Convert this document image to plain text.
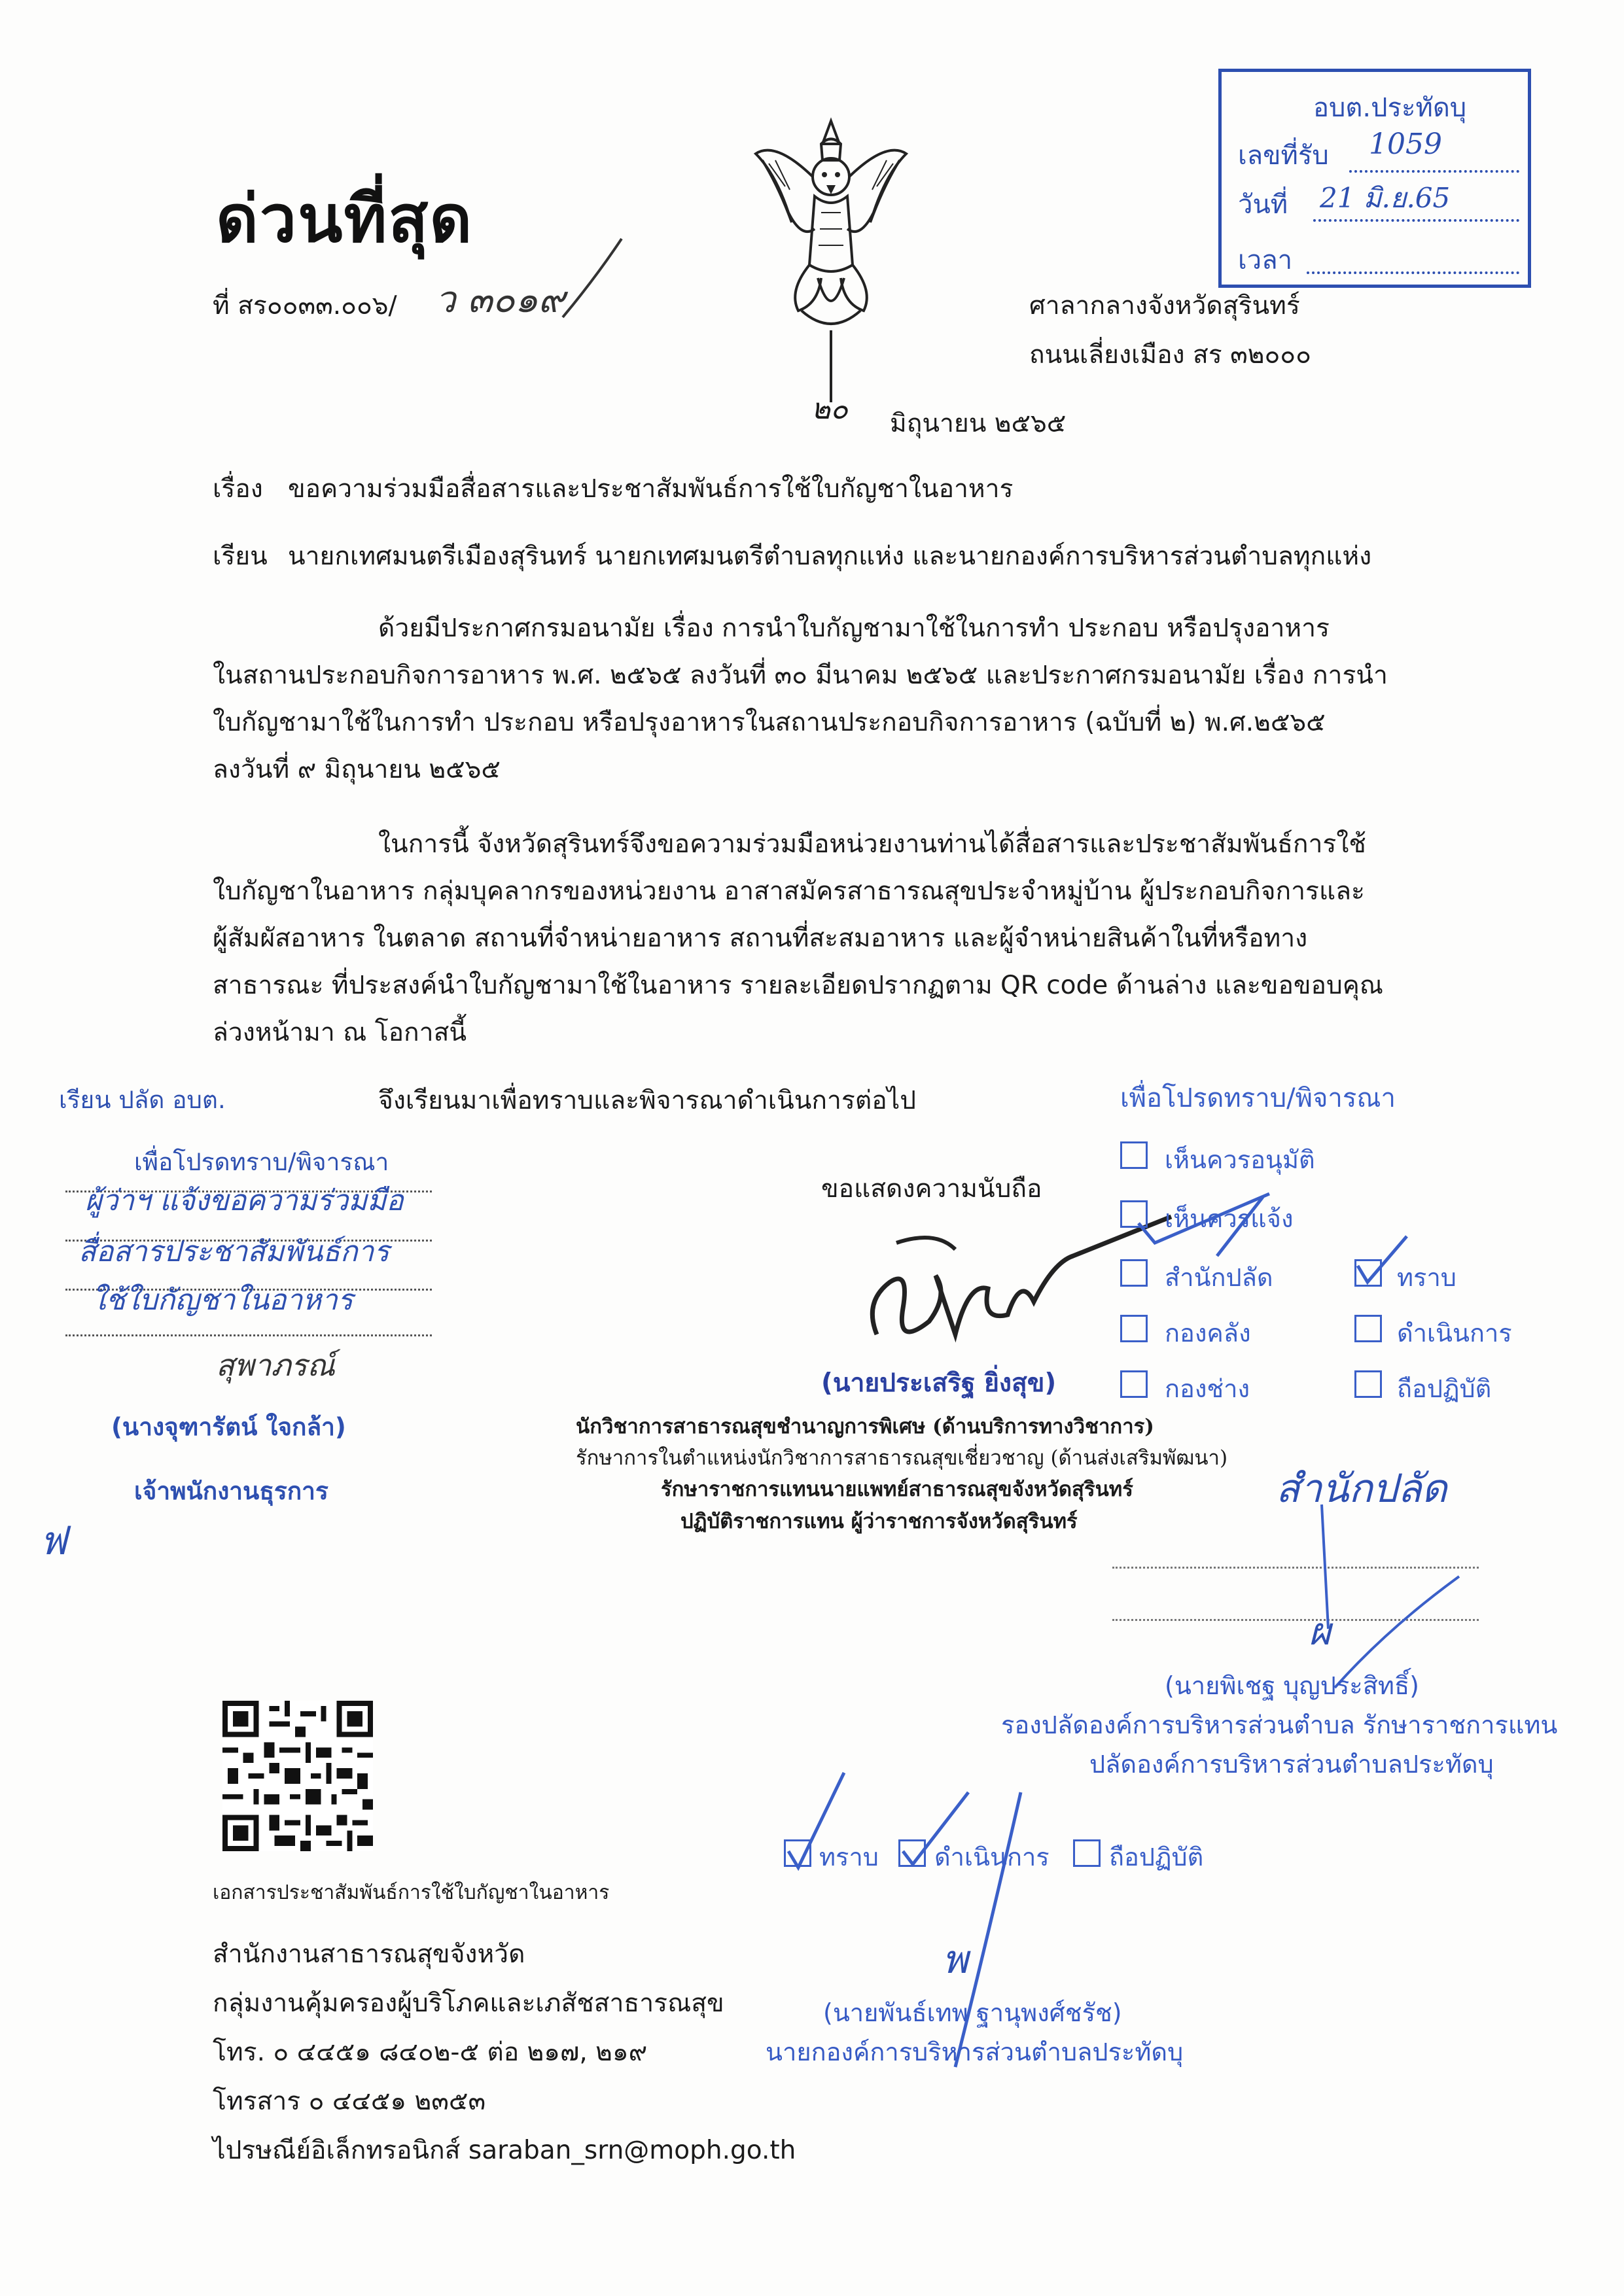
ด่วนที่สุด
อบต.ประทัดบุ
เลขที่รับ 1059
วันที่ 21 มิ.ย.65
เวลา
ที่ สร๐๐๓๓.๐๐๖/ ว ๓๐๑๙	ศาลากลางจังหวัดสุรินทร์
ถนนเลี่ยงเมือง สร ๓๒๐๐๐
๒๐ มิถุนายน ๒๕๖๕
เรื่อง ขอความร่วมมือสื่อสารและประชาสัมพันธ์การใช้ใบกัญชาในอาหาร
เรียน นายกเทศมนตรีเมืองสุรินทร์ นายกเทศมนตรีตำบลทุกแห่ง และนายกองค์การบริหารส่วนตำบลทุกแห่ง
ด้วยมีประกาศกรมอนามัย เรื่อง การนำใบกัญชามาใช้ในการทำ ประกอบ หรือปรุงอาหาร
ในสถานประกอบกิจการอาหาร พ.ศ. ๒๕๖๕ ลงวันที่ ๓๐ มีนาคม ๒๕๖๕ และประกาศกรมอนามัย เรื่อง การนำ
ใบกัญชามาใช้ในการทำ ประกอบ หรือปรุงอาหารในสถานประกอบกิจการอาหาร (ฉบับที่ ๒) พ.ศ.๒๕๖๕
ลงวันที่ ๙ มิถุนายน ๒๕๖๕
ในการนี้ จังหวัดสุรินทร์จึงขอความร่วมมือหน่วยงานท่านได้สื่อสารและประชาสัมพันธ์การใช้
ใบกัญชาในอาหาร กลุ่มบุคลากรของหน่วยงาน อาสาสมัครสาธารณสุขประจำหมู่บ้าน ผู้ประกอบกิจการและ
ผู้สัมผัสอาหาร ในตลาด สถานที่จำหน่ายอาหาร สถานที่สะสมอาหาร และผู้จำหน่ายสินค้าในที่หรือทาง
สาธารณะ ที่ประสงค์นำใบกัญชามาใช้ในอาหาร รายละเอียดปรากฏตาม QR code ด้านล่าง และขอขอบคุณ
ล่วงหน้ามา ณ โอกาสนี้
จึงเรียนมาเพื่อทราบและพิจารณาดำเนินการต่อไป
ขอแสดงความนับถือ
(นายประเสริฐ ยิ่งสุข)
นักวิชาการสาธารณสุขชำนาญการพิเศษ (ด้านบริการทางวิชาการ)
รักษาการในตำแหน่งนักวิชาการสาธารณสุขเชี่ยวชาญ (ด้านส่งเสริมพัฒนา)
รักษาราชการแทนนายแพทย์สาธารณสุขจังหวัดสุรินทร์
ปฏิบัติราชการแทน ผู้ว่าราชการจังหวัดสุรินทร์
เรียน ปลัด อบต.
เพื่อโปรดทราบ/พิจารณา
ผู้ว่าฯ แจ้งขอความร่วมมือ
สื่อสารประชาสัมพันธ์การ
ใช้ใบกัญชาในอาหาร
สุพาภรณ์
(นางจุฑารัตน์ ใจกล้า)
เจ้าพนักงานธุรการ
ฟ
เพื่อโปรดทราบ/พิจารณา
เห็นควรอนุมัติ
เห็นควรแจ้ง
สำนักปลัด
กองคลัง
กองช่าง
ทราบ
ดำเนินการ
ถือปฏิบัติ
สำนักปลัด
ผ
(นายพิเชฐ บุญประสิทธิ์)
รองปลัดองค์การบริหารส่วนตำบล รักษาราชการแทน
ปลัดองค์การบริหารส่วนตำบลประทัดบุ
ทราบ ดำเนินการ ถือปฏิบัติ
พ
(นายพันธ์เทพ ฐานุพงศ์ชรัช)
นายกองค์การบริหารส่วนตำบลประทัดบุ
เอกสารประชาสัมพันธ์การใช้ใบกัญชาในอาหาร
สำนักงานสาธารณสุขจังหวัด
กลุ่มงานคุ้มครองผู้บริโภคและเภสัชสาธารณสุข
โทร. ๐ ๔๔๕๑ ๘๔๐๒-๕ ต่อ ๒๑๗, ๒๑๙
โทรสาร ๐ ๔๔๕๑ ๒๓๕๓
ไปรษณีย์อิเล็กทรอนิกส์ saraban_srn@moph.go.th
